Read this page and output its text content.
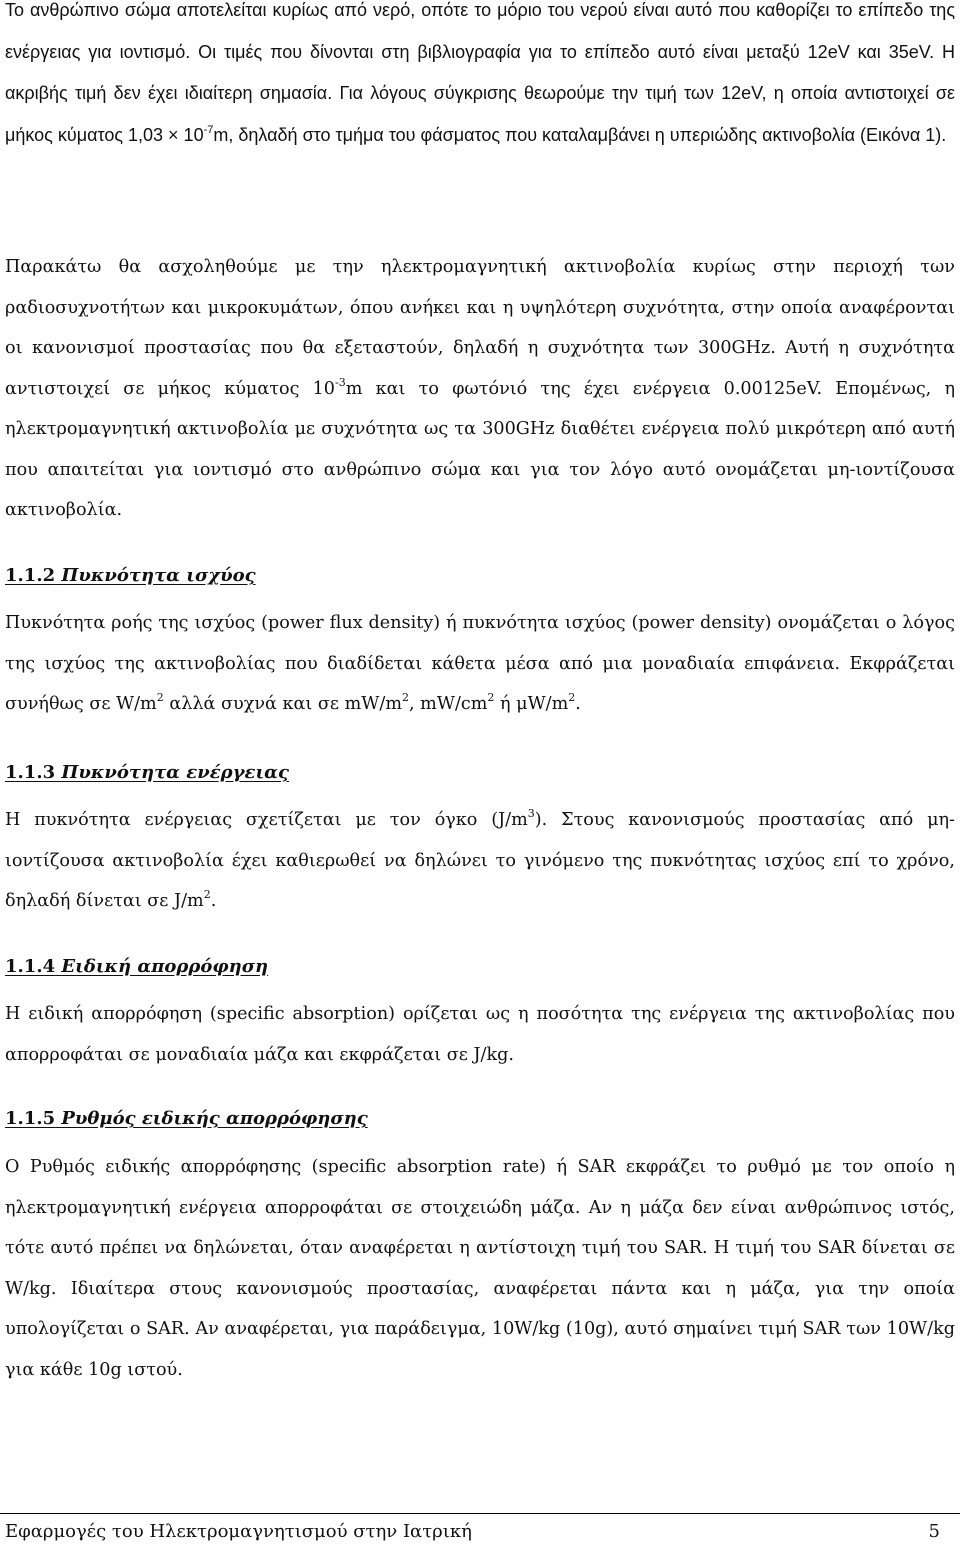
Το ανθρώπινο σώμα αποτελείται κυρίως από νερό, οπότε το μόριο του νερού είναι αυτό που καθορίζει το επίπεδο της ενέργειας για ιοντισμό. Οι τιμές που δίνονται στη βιβλιογραφία για το επίπεδο αυτό είναι μεταξύ 12eV και 35eV. Η ακριβής τιμή δεν έχει ιδιαίτερη σημασία. Για λόγους σύγκρισης θεωρούμε την τιμή των 12eV, η οποία αντιστοιχεί σε μήκος κύματος $1,03 \times 10^{-7}m$, δηλαδή στο τμήμα του φάσματος που καταλαμβάνει η υπεριώδης ακτινοβολία (Εικόνα 1).

Παρακάτω θα ασχοληθούμε με την ηλεκτρομαγνητική ακτινοβολία κυρίως στην περιοχή των ραδιοσυχνοτήτων και μικροκυμάτων, όπου ανήκει και η υψηλότερη συχνότητα, στην οποία αναφέρονται οι κανονισμοί προστασίας που θα εξεταστούν, δηλαδή η συχνότητα των 300GHz. Αυτή η συχνότητα αντιστοιχεί σε μήκος κύματος $10^{-3}m$ και το φωτόνιό της έχει ενέργεια 0.00125eV. Επομένως, η ηλεκτρομαγνητική ακτινοβολία με συχνότητα ως τα 300GHz διαθέτει ενέργεια πολύ μικρότερη από αυτή που απαιτείται για ιοντισμό στο ανθρώπινο σώμα και για τον λόγο αυτό ονομάζεται μη-ιοντίζουσα ακτινοβολία.

1.1.2 Πυκνότητα ισχύος

Πυκνότητα ροής της ισχύος (power flux density) ή πυκνότητα ισχύος (power density) ονομάζεται ο λόγος της ισχύος της ακτινοβολίας που διαδίδεται κάθετα μέσα από μια μοναδιαία επιφάνεια. Εκφράζεται συνήθως σε $W/m^2$ αλλά συχνά και σε $mW/m^2$, $mW/cm^2$ ή $\mu W/m^2$.

1.1.3 Πυκνότητα ενέργειας

Η πυκνότητα ενέργειας σχετίζεται με τον όγκο $(J/m^3)$. Στους κανονισμούς προστασίας από μη-ιοντίζουσα ακτινοβολία έχει καθιερωθεί να δηλώνει το γινόμενο της πυκνότητας ισχύος επί το χρόνο, δηλαδή δίνεται σε $J/m^2$.

1.1.4 Ειδική απορρόφηση

Η ειδική απορρόφηση (specific absorption) ορίζεται ως η ποσότητα της ενέργεια της ακτινοβολίας που απορροφάται σε μοναδιαία μάζα και εκφράζεται σε J/kg.

1.1.5 Ρυθμός ειδικής απορρόφησης

Ο Ρυθμός ειδικής απορρόφησης (specific absorption rate) ή SAR εκφράζει το ρυθμό με τον οποίο η ηλεκτρομαγνητική ενέργεια απορροφάται σε στοιχειώδη μάζα. Αν η μάζα δεν είναι ανθρώπινος ιστός, τότε αυτό πρέπει να δηλώνεται, όταν αναφέρεται η αντίστοιχη τιμή του SAR. Η τιμή του SAR δίνεται σε W/kg. Ιδιαίτερα στους κανονισμούς προστασίας, αναφέρεται πάντα και η μάζα, για την οποία υπολογίζεται ο SAR. Αν αναφέρεται, για παράδειγμα, 10W/kg (10g), αυτό σημαίνει τιμή SAR των 10W/kg για κάθε 10g ιστού.

Εφαρμογές του Ηλεκτρομαγνητισμού στην Ιατρική	5
